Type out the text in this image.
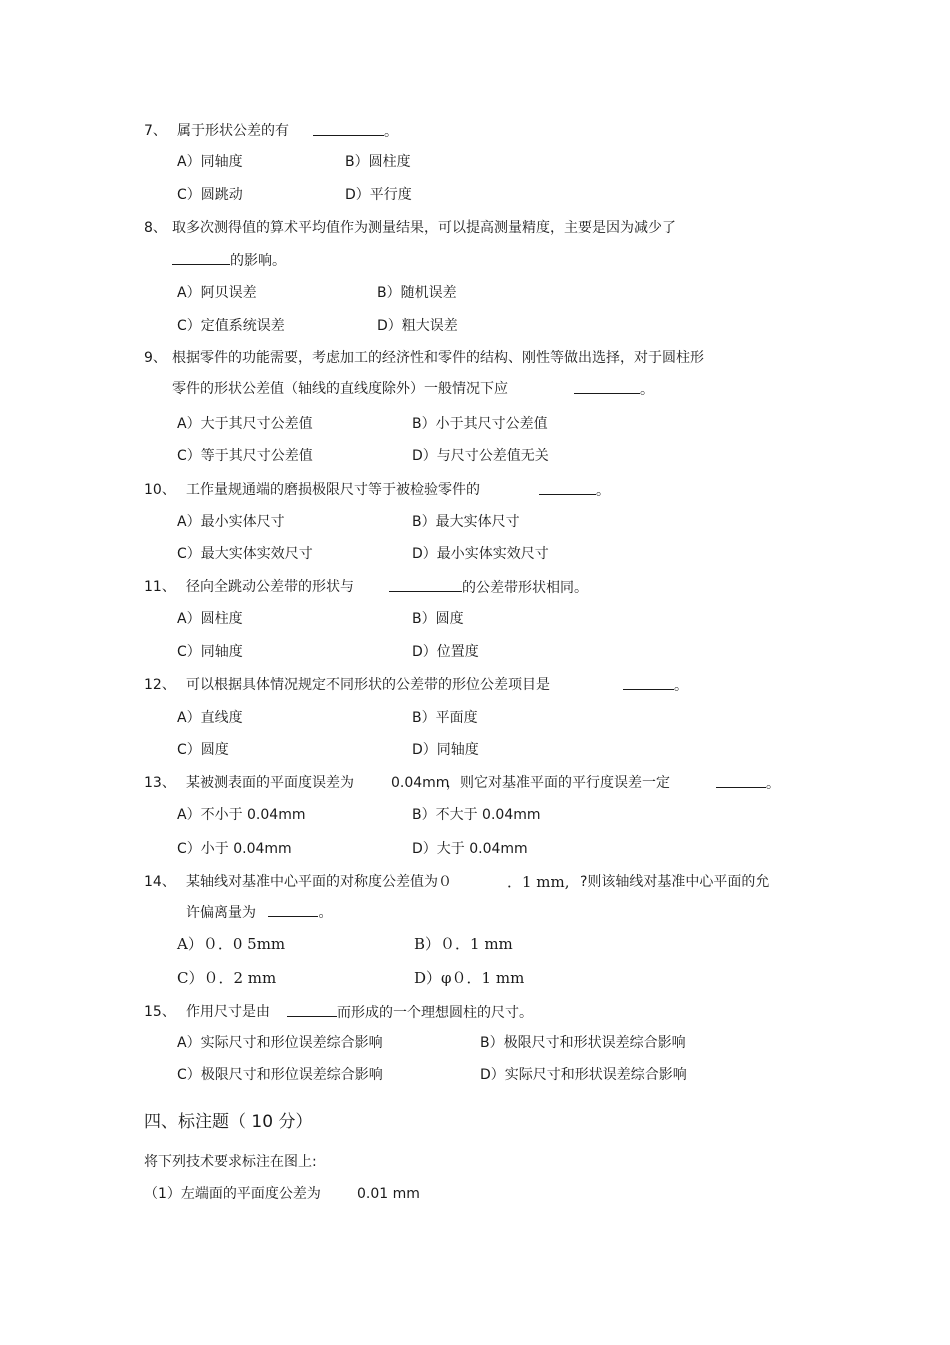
7、 属于形状公差的有	。
A）同轴度	B）圆柱度
C）圆跳动	D）平行度
8、 取多次测得值的算术平均值作为测量结果，可以提高测量精度，主要是因为减少了
的影响。
A）阿贝误差	B）随机误差
C）定值系统误差	D）粗大误差
9、 根据零件的功能需要，考虑加工的经济性和零件的结构、刚性等做出选择，对于圆柱形
零件的形状公差值（轴线的直线度除外）一般情况下应	。
A）大于其尺寸公差值	B）小于其尺寸公差值
C）等于其尺寸公差值	D）与尺寸公差值无关
10、 工作量规通端的磨损极限尺寸等于被检验零件的	。
A）最小实体尺寸	B）最大实体尺寸
C）最大实体实效尺寸	D）最小实体实效尺寸
11、 径向全跳动公差带的形状与	的公差带形状相同。
A）圆柱度	B）圆度
C）同轴度	D）位置度
12、 可以根据具体情况规定不同形状的公差带的形位公差项目是	。
A）直线度	B）平面度
C）圆度	D）同轴度
13、 某被测表面的平面度误差为	0.04mm
，则它对基准平面的平行度误差一定	。
A）不小于 0.04mm	B）不大于 0.04mm
C）小于 0.04mm	D）大于 0.04mm
14、 某轴线对基准中心平面的对称度公差值为０	．1 mm, ?则该轴线对基准中心平面的允
许偏离量为	。
A）０．0 5mm	B）０．1 mm
C）０．2 mm	D）φ０．1 mm
15、 作用尺寸是由	而形成的一个理想圆柱的尺寸。
A）实际尺寸和形位误差综合影响	B）极限尺寸和形状误差综合影响
C）极限尺寸和形位误差综合影响	D）实际尺寸和形状误差综合影响
四、标注题（ 10 分）
将下列技术要求标注在图上:
（1）左端面的平面度公差为	0.01 mm
